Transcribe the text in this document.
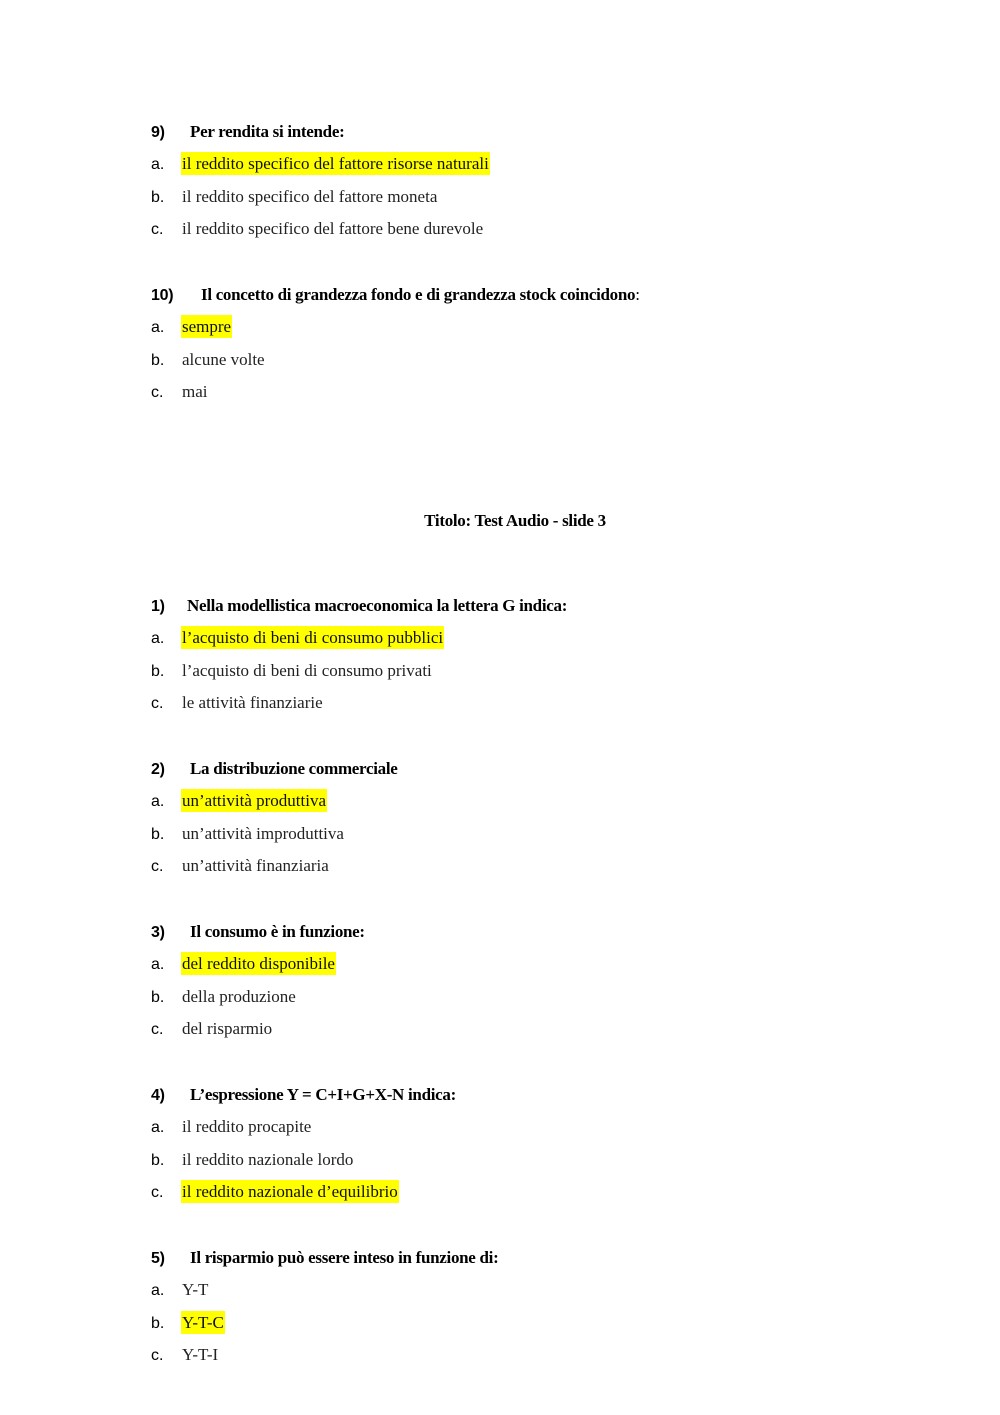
9) Per rendita si intende:
a. il reddito specifico del fattore risorse naturali
b. il reddito specifico del fattore moneta
c. il reddito specifico del fattore bene durevole
10) Il concetto di grandezza fondo e di grandezza stock coincidono:
a. sempre
b. alcune volte
c. mai
Titolo: Test Audio - slide 3
1) Nella modellistica macroeconomica la lettera G indica:
a. l’acquisto di beni di consumo pubblici
b. l’acquisto di beni di consumo privati
c. le attività finanziarie
2) La distribuzione commerciale
a. un’attività produttiva
b. un’attività improduttiva
c. un’attività finanziaria
3) Il consumo è in funzione:
a. del reddito disponibile
b. della produzione
c. del risparmio
4) L’espressione Y = C+I+G+X-N indica:
a. il reddito procapite
b. il reddito nazionale lordo
c. il reddito nazionale d’equilibrio
5) Il risparmio può essere inteso in funzione di:
a. Y-T
b. Y-T-C
c. Y-T-I
